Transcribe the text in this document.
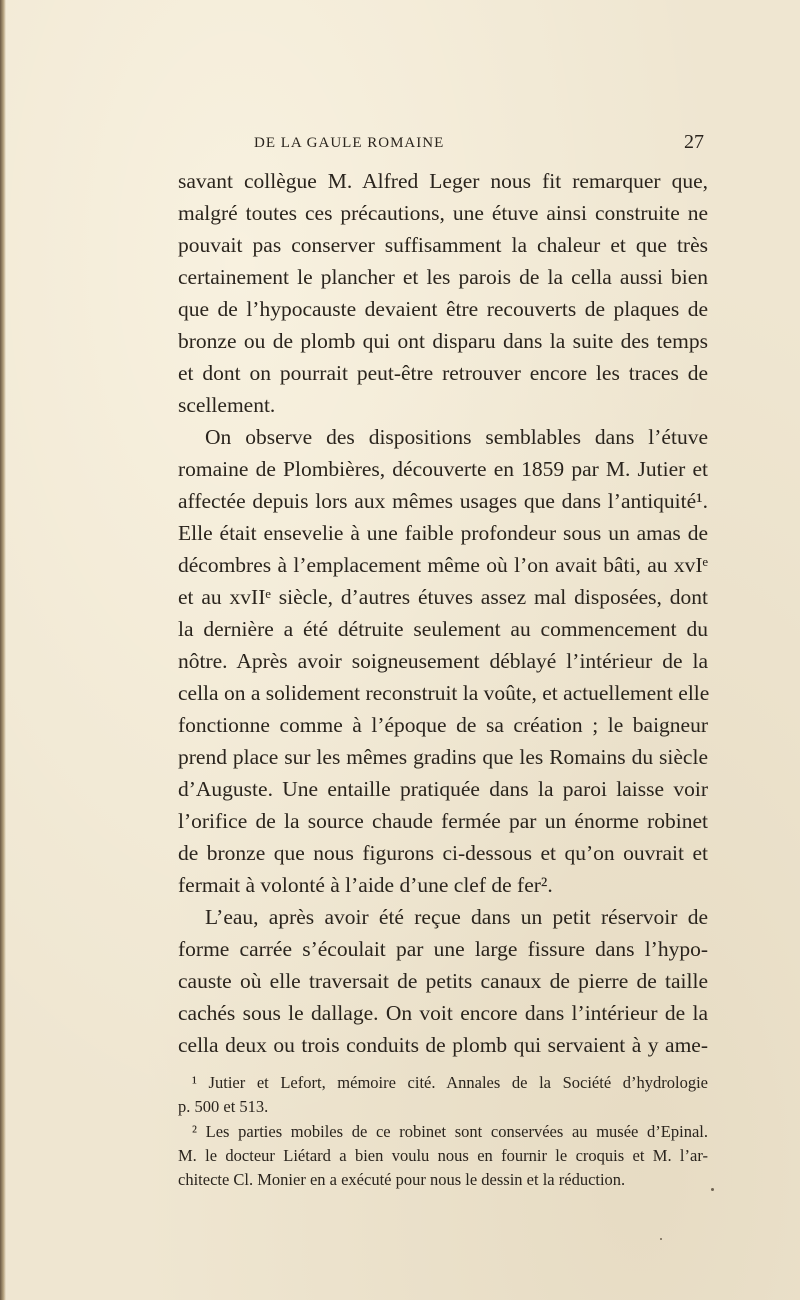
DE LA GAULE ROMAINE	27
savant collègue M. Alfred Leger nous fit remarquer que,
malgré toutes ces précautions, une étuve ainsi construite ne
pouvait pas conserver suffisamment la chaleur et que très
certainement le plancher et les parois de la cella aussi bien
que de l’hypocauste devaient être recouverts de plaques de
bronze ou de plomb qui ont disparu dans la suite des temps
et dont on pourrait peut-être retrouver encore les traces de
scellement.
On observe des dispositions semblables dans l’étuve
romaine de Plombières, découverte en 1859 par M. Jutier et
affectée depuis lors aux mêmes usages que dans l’antiquité¹.
Elle était ensevelie à une faible profondeur sous un amas de
décombres à l’emplacement même où l’on avait bâti, au xvIᵉ
et au xvIIᵉ siècle, d’autres étuves assez mal disposées, dont
la dernière a été détruite seulement au commencement du
nôtre. Après avoir soigneusement déblayé l’intérieur de la
cella on a solidement reconstruit la voûte, et actuellement elle
fonctionne comme à l’époque de sa création ; le baigneur
prend place sur les mêmes gradins que les Romains du siècle
d’Auguste. Une entaille pratiquée dans la paroi laisse voir
l’orifice de la source chaude fermée par un énorme robinet
de bronze que nous figurons ci-dessous et qu’on ouvrait et
fermait à volonté à l’aide d’une clef de fer².
L’eau, après avoir été reçue dans un petit réservoir de
forme carrée s’écoulait par une large fissure dans l’hypo-
causte où elle traversait de petits canaux de pierre de taille
cachés sous le dallage. On voit encore dans l’intérieur de la
cella deux ou trois conduits de plomb qui servaient à y ame-
¹ Jutier et Lefort, mémoire cité. Annales de la Société d’hydrologie
p. 500 et 513.
² Les parties mobiles de ce robinet sont conservées au musée d’Epinal.
M. le docteur Liétard a bien voulu nous en fournir le croquis et M. l’ar-
chitecte Cl. Monier en a exécuté pour nous le dessin et la réduction.
